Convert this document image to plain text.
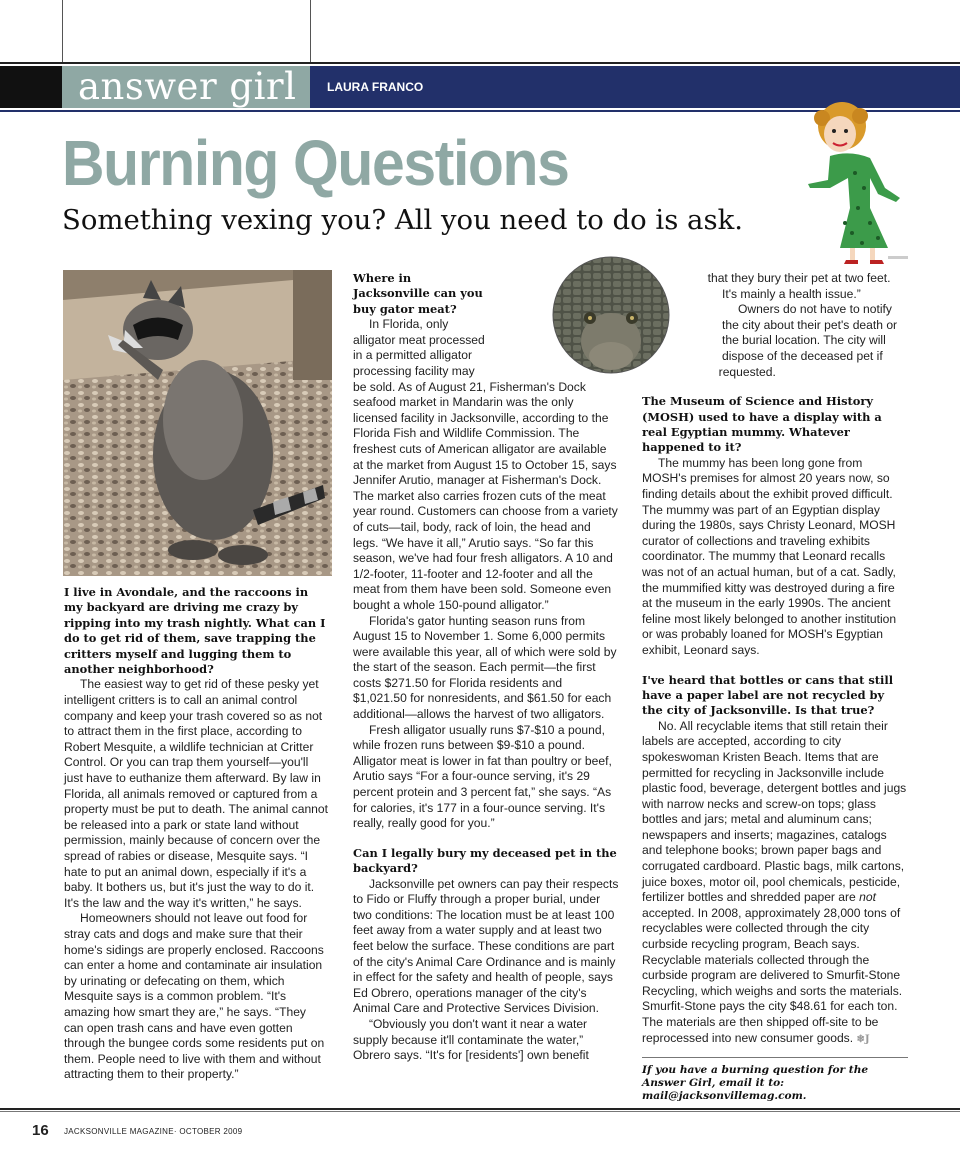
answer girl	LAURA FRANCO
Burning Questions
Something vexing you? All you need to do is ask.

I live in Avondale, and the raccoons in my backyard are driving me crazy by ripping into my trash nightly. What can I do to get rid of them, save trapping the critters myself and lugging them to another neighborhood?

The easiest way to get rid of these pesky yet intelligent critters is to call an animal control company and keep your trash covered so as not to attract them in the first place, according to Robert Mesquite, a wildlife technician at Critter Control. Or you can trap them yourself—you'll just have to euthanize them afterward. By law in Florida, all animals removed or captured from a property must be put to death. The animal cannot be released into a park or state land without permission, mainly because of concern over the spread of rabies or disease, Mesquite says. “I hate to put an animal down, especially if it's a baby. It bothers us, but it's just the way to do it. It's the law and the way it's written,” he says.

Homeowners should not leave out food for stray cats and dogs and make sure that their home's sidings are properly enclosed. Raccoons can enter a home and contaminate air insulation by urinating or defecating on them, which Mesquite says is a common problem. “It's amazing how smart they are,” he says. “They can open trash cans and have even gotten through the bungee cords some residents put on them. People need to live with them and without attracting them to their property.”

Where in Jacksonville can you buy gator meat?

In Florida, only alligator meat processed in a permitted alligator processing facility may be sold. As of August 21, Fisherman's Dock seafood market in Mandarin was the only licensed facility in Jacksonville, according to the Florida Fish and Wildlife Commission. The freshest cuts of American alligator are available at the market from August 15 to October 15, says Jennifer Arutio, manager at Fisherman's Dock. The market also carries frozen cuts of the meat year round. Customers can choose from a variety of cuts—tail, body, rack of loin, the head and legs. “We have it all,” Arutio says. “So far this season, we've had four fresh alligators. A 10 and 1/2-footer, 11-footer and 12-footer and all the meat from them have been sold. Someone even bought a whole 150-pound alligator.”

Florida's gator hunting season runs from August 15 to November 1. Some 6,000 permits were available this year, all of which were sold by the start of the season. Each permit—the first costs $271.50 for Florida residents and $1,021.50 for nonresidents, and $61.50 for each additional—allows the harvest of two alligators.

Fresh alligator usually runs $7-$10 a pound, while frozen runs between $9-$10 a pound. Alligator meat is lower in fat than poultry or beef, Arutio says “For a four-ounce serving, it's 29 percent protein and 3 percent fat,” she says. “As for calories, it's 177 in a four-ounce serving. It's really, really good for you.”

Can I legally bury my deceased pet in the backyard?

Jacksonville pet owners can pay their respects to Fido or Fluffy through a proper burial, under two conditions: The location must be at least 100 feet away from a water supply and at least two feet below the surface. These conditions are part of the city's Animal Care Ordinance and is mainly in effect for the safety and health of people, says Ed Obrero, operations manager of the city's Animal Care and Protective Services Division.

“Obviously you don't want it near a water supply because it'll contaminate the water,” Obrero says. “It's for [residents'] own benefit

that they bury their pet at two feet. It's mainly a health issue.”

Owners do not have to notify the city about their pet's death or the burial location. The city will dispose of the deceased pet if requested.

The Museum of Science and History (MOSH) used to have a display with a real Egyptian mummy. Whatever happened to it?

The mummy has been long gone from MOSH's premises for almost 20 years now, so finding details about the exhibit proved difficult. The mummy was part of an Egyptian display during the 1980s, says Christy Leonard, MOSH curator of collections and traveling exhibits coordinator. The mummy that Leonard recalls was not of an actual human, but of a cat. Sadly, the mummified kitty was destroyed during a fire at the museum in the early 1990s. The ancient feline most likely belonged to another institution or was probably loaned for MOSH's Egyptian exhibit, Leonard says.

I've heard that bottles or cans that still have a paper label are not recycled by the city of Jacksonville. Is that true?

No. All recyclable items that still retain their labels are accepted, according to city spokeswoman Kristen Beach. Items that are permitted for recycling in Jacksonville include plastic food, beverage, detergent bottles and jugs with narrow necks and screw-on tops; glass bottles and jars; metal and aluminum cans; newspapers and inserts; magazines, catalogs and telephone books; brown paper bags and corrugated cardboard. Plastic bags, milk cartons, juice boxes, motor oil, pool chemicals, pesticide, fertilizer bottles and shredded paper are not accepted. In 2008, approximately 28,000 tons of recyclables were collected through the city curbside recycling program, Beach says. Recyclable materials collected through the curbside program are delivered to Smurfit-Stone Recycling, which weighs and sorts the materials. Smurfit-Stone pays the city $48.61 for each ton. The materials are then shipped off-site to be reprocessed into new consumer goods. ❄J

If you have a burning question for the Answer Girl, email it to: mail@jacksonvillemag.com.
16 JACKSONVILLE MAGAZINE· OCTOBER 2009
